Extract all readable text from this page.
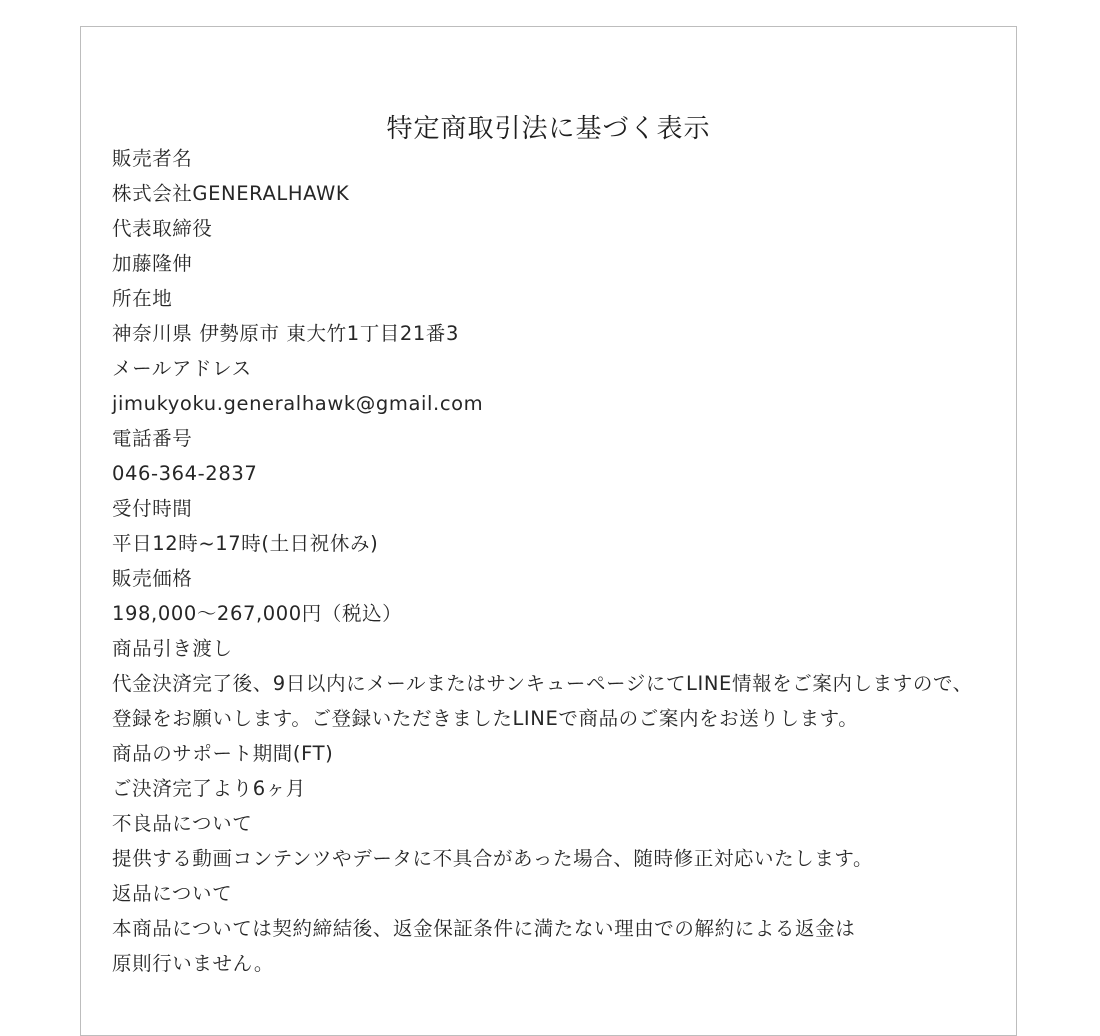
特定商取引法に基づく表示
販売者名
株式会社GENERALHAWK
代表取締役
加藤隆伸
所在地
神奈川県 伊勢原市 東大竹1丁目21番3
メールアドレス
jimukyoku.generalhawk@gmail.com
電話番号
046-364-2837
受付時間
平日12時~17時(土日祝休み)
販売価格
198,000〜267,000円（税込）
商品引き渡し
代金決済完了後、9日以内にメールまたはサンキューページにてLINE情報をご案内しますので、
登録をお願いします。ご登録いただきましたLINEで商品のご案内をお送りします。
商品のサポート期間(FT)
ご決済完了より6ヶ月
不良品について
提供する動画コンテンツやデータに不具合があった場合、随時修正対応いたします。
返品について
本商品については契約締結後、返金保証条件に満たない理由での解約による返金は
原則行いません。
